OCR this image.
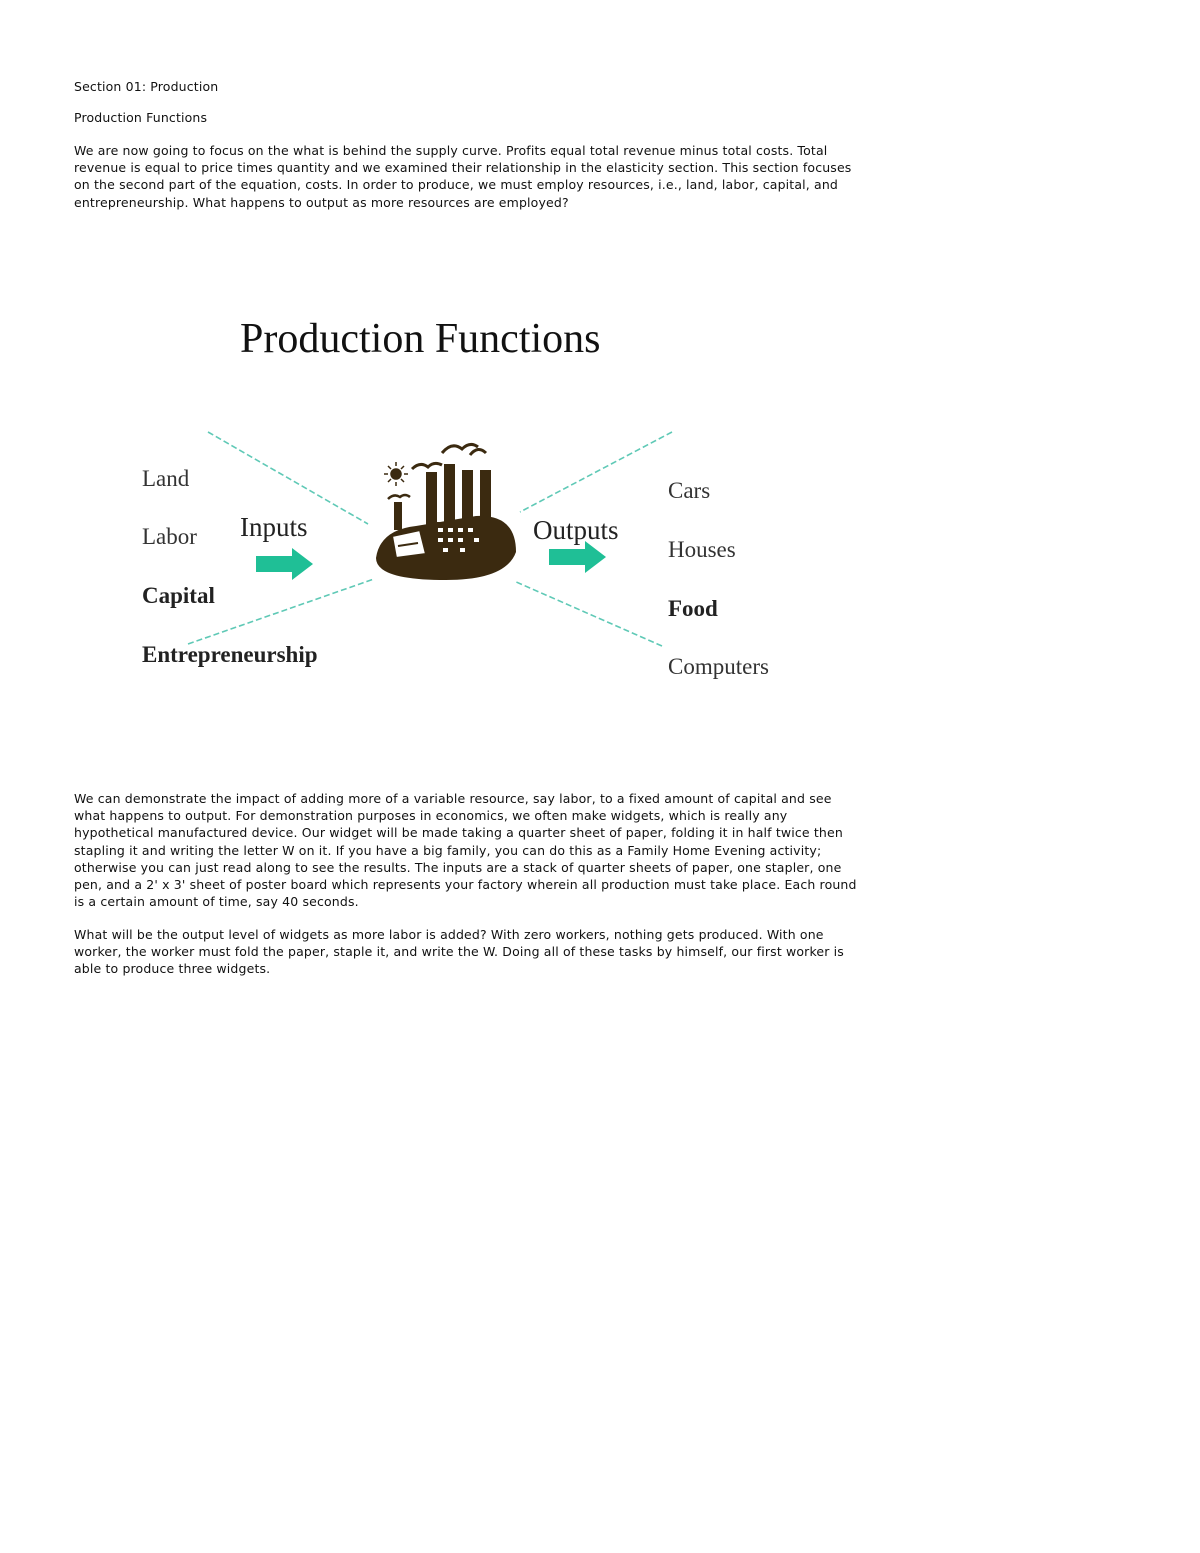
Section 01: Production
Production Functions

We are now going to focus on the what is behind the supply curve. Profits equal total revenue minus total costs. Total revenue is equal to price times quantity and we examined their relationship in the elasticity section. This section focuses on the second part of the equation, costs. In order to produce, we must employ resources, i.e., land, labor, capital, and entrepreneurship. What happens to output as more resources are employed?

Production Functions
Land
Labor
Capital
Entrepreneurship
Inputs	Outputs
Cars
Houses
Food
Computers

We can demonstrate the impact of adding more of a variable resource, say labor, to a fixed amount of capital and see what happens to output. For demonstration purposes in economics, we often make widgets, which is really any hypothetical manufactured device. Our widget will be made taking a quarter sheet of paper, folding it in half twice then stapling it and writing the letter W on it. If you have a big family, you can do this as a Family Home Evening activity; otherwise you can just read along to see the results. The inputs are a stack of quarter sheets of paper, one stapler, one pen, and a 2' x 3' sheet of poster board which represents your factory wherein all production must take place. Each round is a certain amount of time, say 40 seconds.

What will be the output level of widgets as more labor is added? With zero workers, nothing gets produced. With one worker, the worker must fold the paper, staple it, and write the W. Doing all of these tasks by himself, our first worker is able to produce three widgets.
